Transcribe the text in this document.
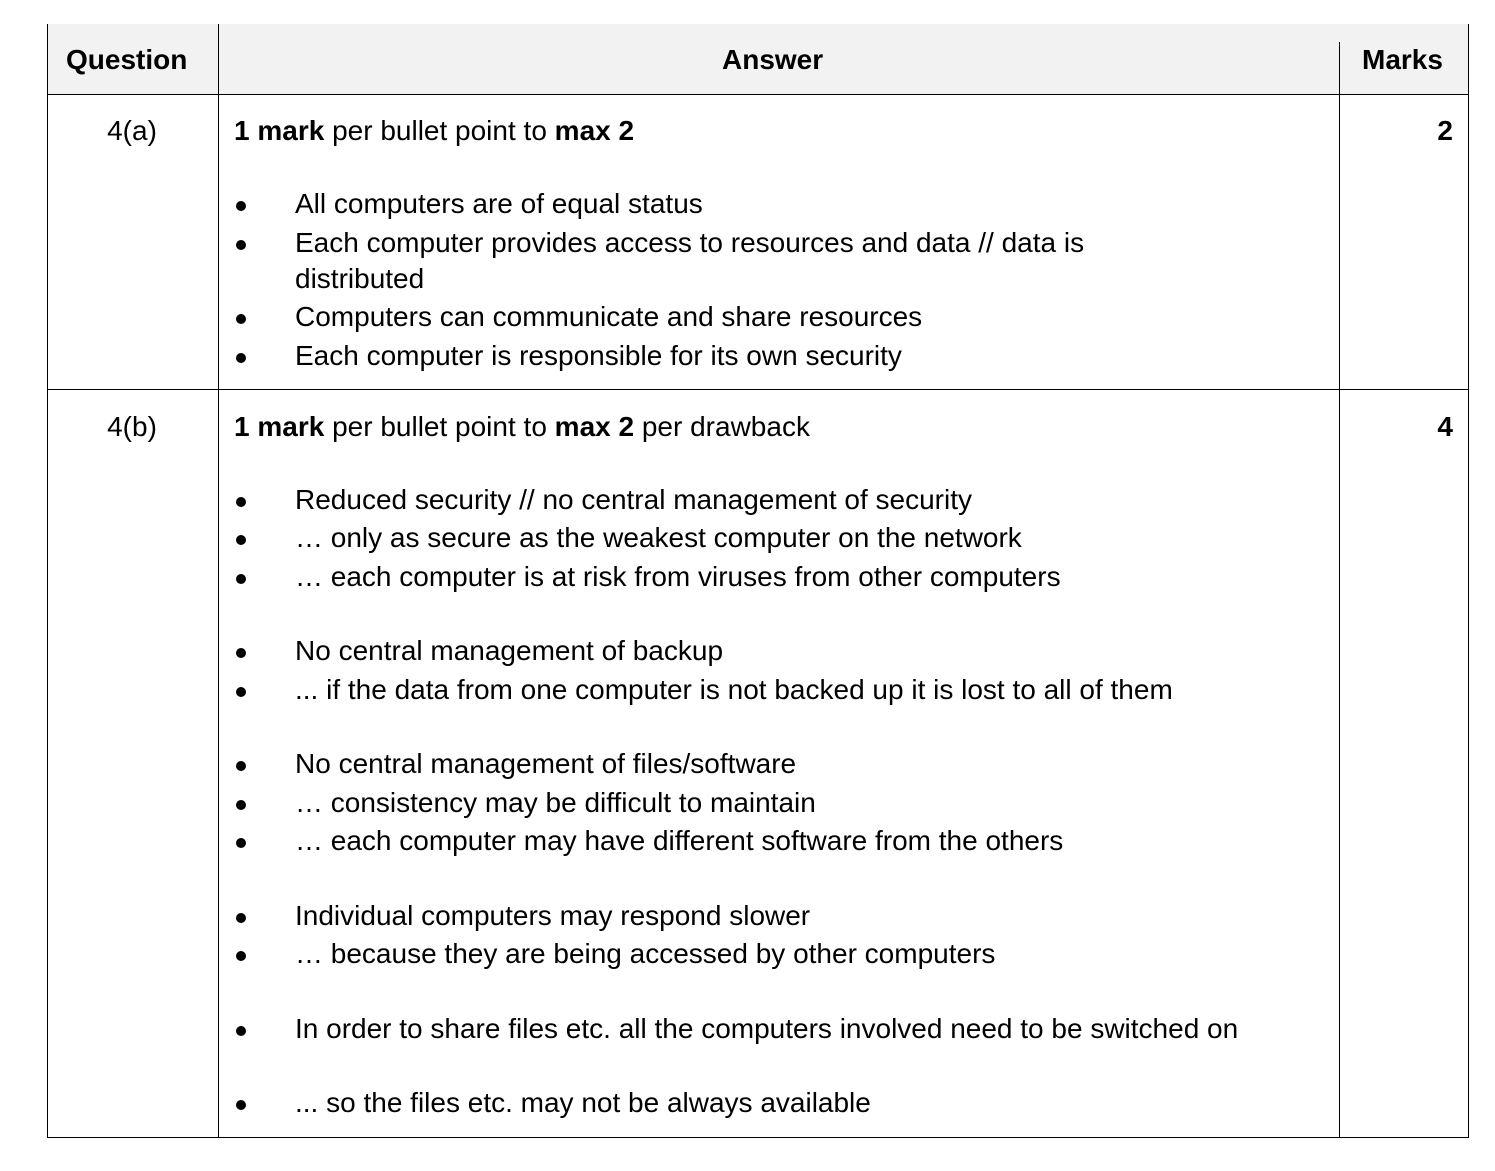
Question	Answer	Marks
4(a)	1 mark per bullet point to max 2	2
All computers are of equal status
Each computer provides access to resources and data // data is distributed
Computers can communicate and share resources
Each computer is responsible for its own security
4(b)	1 mark per bullet point to max 2 per drawback	4
Reduced security // no central management of security
… only as secure as the weakest computer on the network
… each computer is at risk from viruses from other computers
No central management of backup
... if the data from one computer is not backed up it is lost to all of them
No central management of files/software
… consistency may be difficult to maintain
… each computer may have different software from the others
Individual computers may respond slower
… because they are being accessed by other computers
In order to share files etc. all the computers involved need to be switched on
... so the files etc. may not be always available
